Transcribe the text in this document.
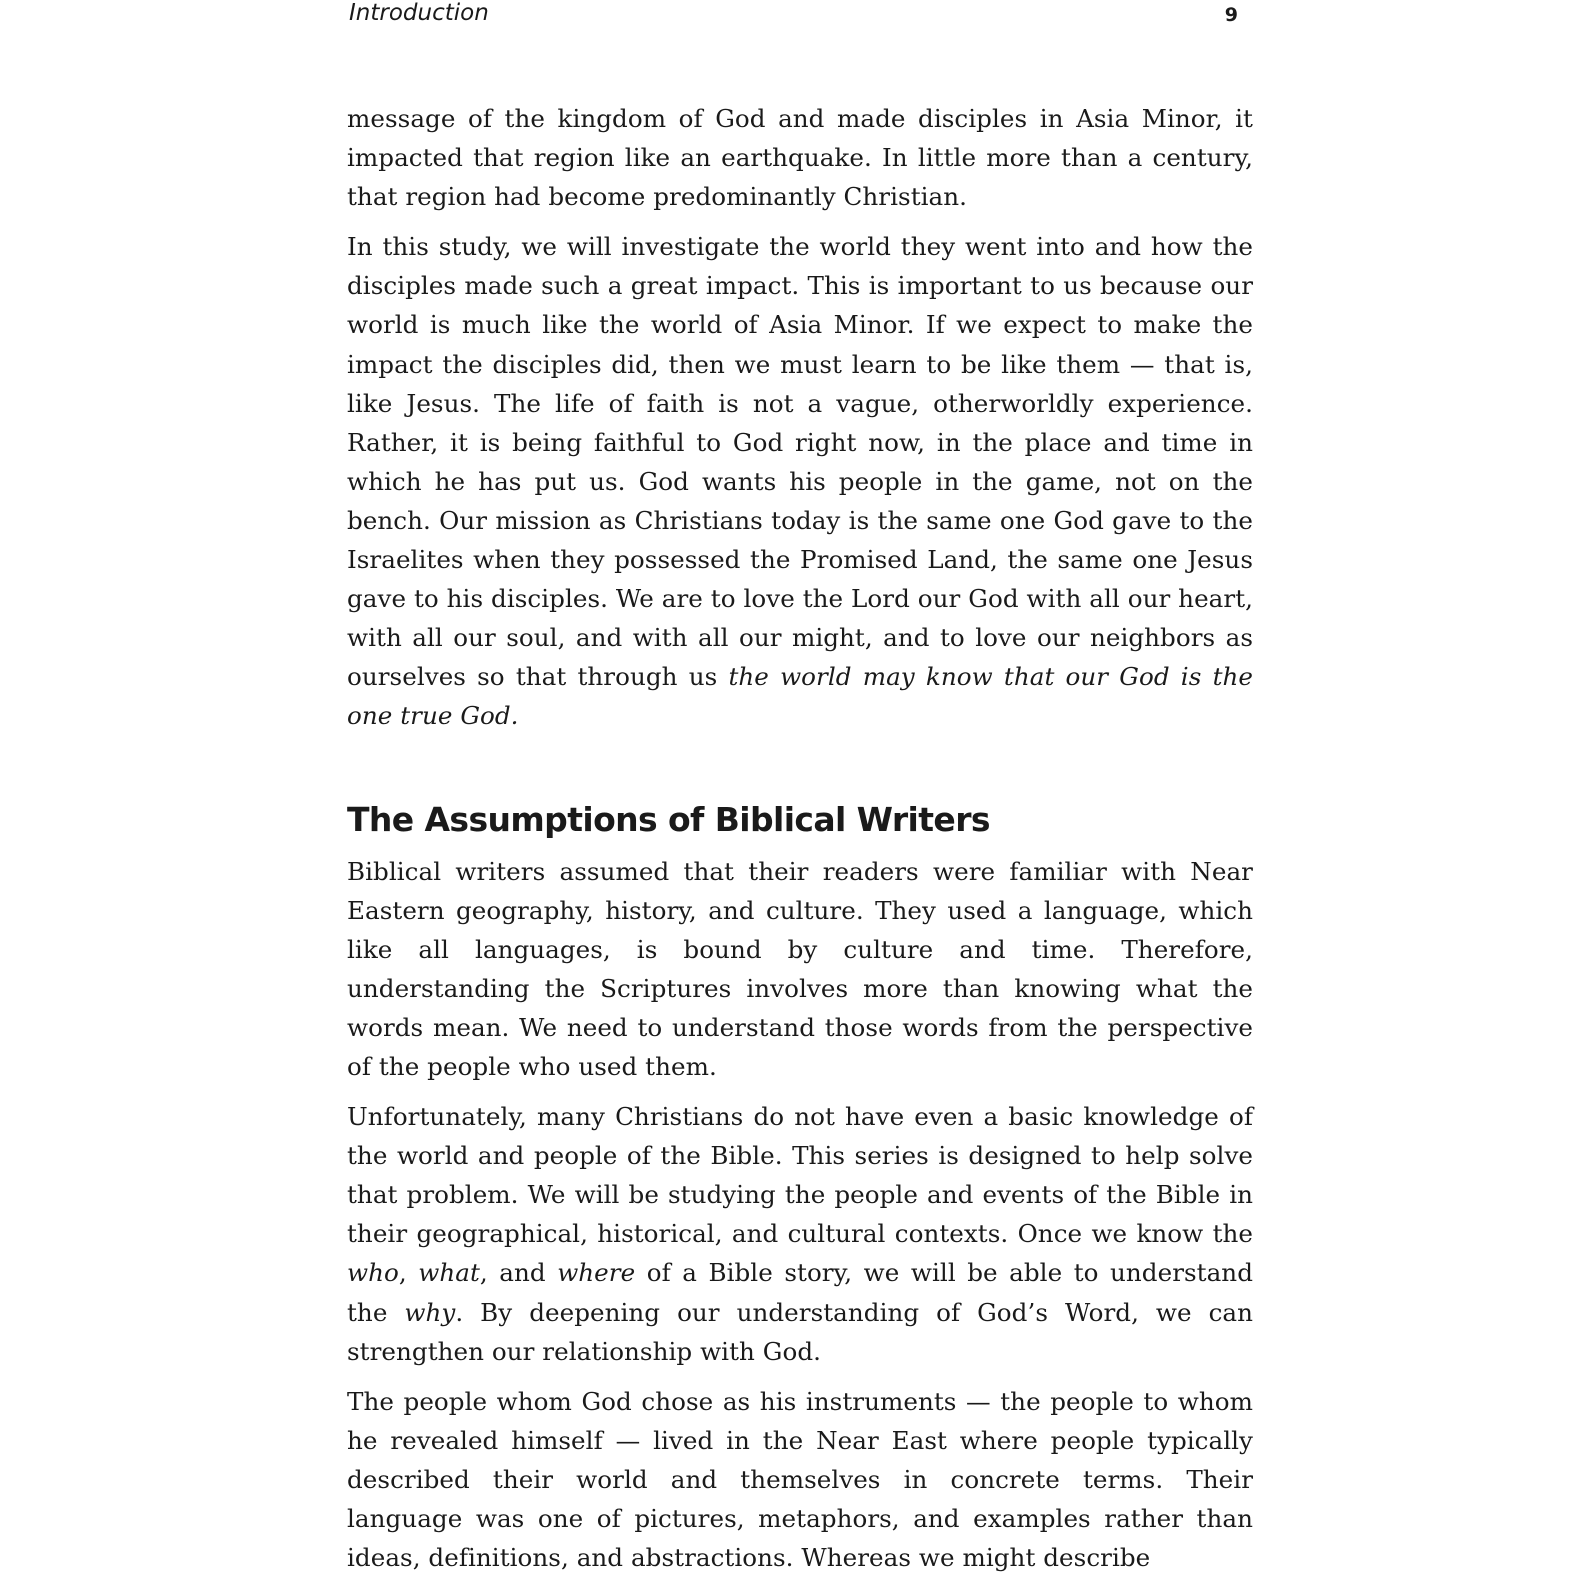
Introduction	9

message of the kingdom of God and made disciples in Asia Minor, it impacted that region like an earthquake. In little more than a century, that region had become predominantly Christian.

In this study, we will investigate the world they went into and how the disciples made such a great impact. This is important to us because our world is much like the world of Asia Minor. If we expect to make the impact the disciples did, then we must learn to be like them — that is, like Jesus. The life of faith is not a vague, otherworldly experience. Rather, it is being faithful to God right now, in the place and time in which he has put us. God wants his people in the game, not on the bench. Our mission as Christians today is the same one God gave to the Israelites when they possessed the Promised Land, the same one Jesus gave to his disciples. We are to love the Lord our God with all our heart, with all our soul, and with all our might, and to love our neighbors as ourselves so that through us the world may know that our God is the one true God.

The Assumptions of Biblical Writers

Biblical writers assumed that their readers were familiar with Near Eastern geography, history, and culture. They used a language, which like all languages, is bound by culture and time. Therefore, understanding the Scriptures involves more than knowing what the words mean. We need to understand those words from the perspective of the people who used them.

Unfortunately, many Christians do not have even a basic knowledge of the world and people of the Bible. This series is designed to help solve that problem. We will be studying the people and events of the Bible in their geographical, historical, and cultural contexts. Once we know the who, what, and where of a Bible story, we will be able to understand the why. By deepening our understanding of God’s Word, we can strengthen our relationship with God.

The people whom God chose as his instruments — the people to whom he revealed himself — lived in the Near East where people typically described their world and themselves in concrete terms. Their language was one of pictures, metaphors, and examples rather than ideas, definitions, and abstractions. Whereas we might describe
